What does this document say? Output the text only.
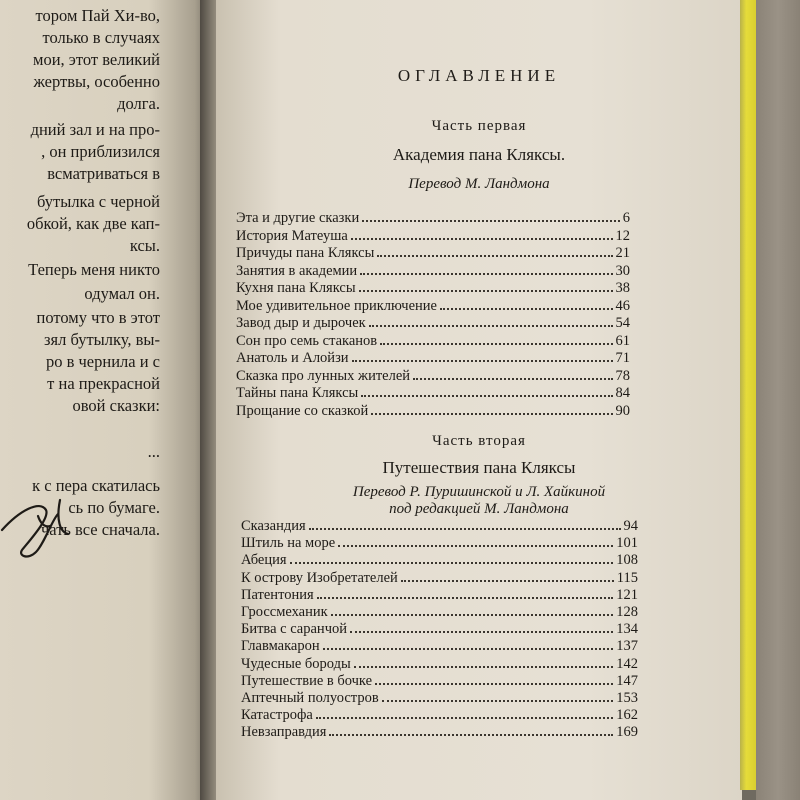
тором Пай Хи-во,
только в случаях
мои, этот великий
жертвы, особенно
долга.
дний зал и на про-
, он приблизился
всматриваться в
бутылка с черной
обкой, как две кап-
ксы.
Теперь меня никто
одумал он.
потому что в этот
зял бутылку, вы-
ро в чернила и с
т на прекрасной
овой сказки:
...
к с пера скатилась
сь по бумаге.
чать все сначала.
ОГЛАВЛЕНИЕ
Часть первая
Академия пана Кляксы.
Перевод М. Ландмона
Эта и другие сказки	6
История Матеуша	12
Причуды пана Кляксы	21
Занятия в академии	30
Кухня пана Кляксы	38
Мое удивительное приключение	46
Завод дыр и дырочек	54
Сон про семь стаканов	61
Анатоль и Алойзи	71
Сказка про лунных жителей	78
Тайны пана Кляксы	84
Прощание со сказкой	90
Часть вторая
Путешествия пана Кляксы
Перевод Р. Пуришинской и Л. Хайкиной
под редакцией М. Ландмона
Сказандия	94
Штиль на море	101
Абеция	108
К острову Изобретателей	115
Патентония	121
Гроссмеханик	128
Битва с саранчой	134
Главмакарон	137
Чудесные бороды	142
Путешествие в бочке	147
Аптечный полуостров	153
Катастрофа	162
Невзаправдия	169
